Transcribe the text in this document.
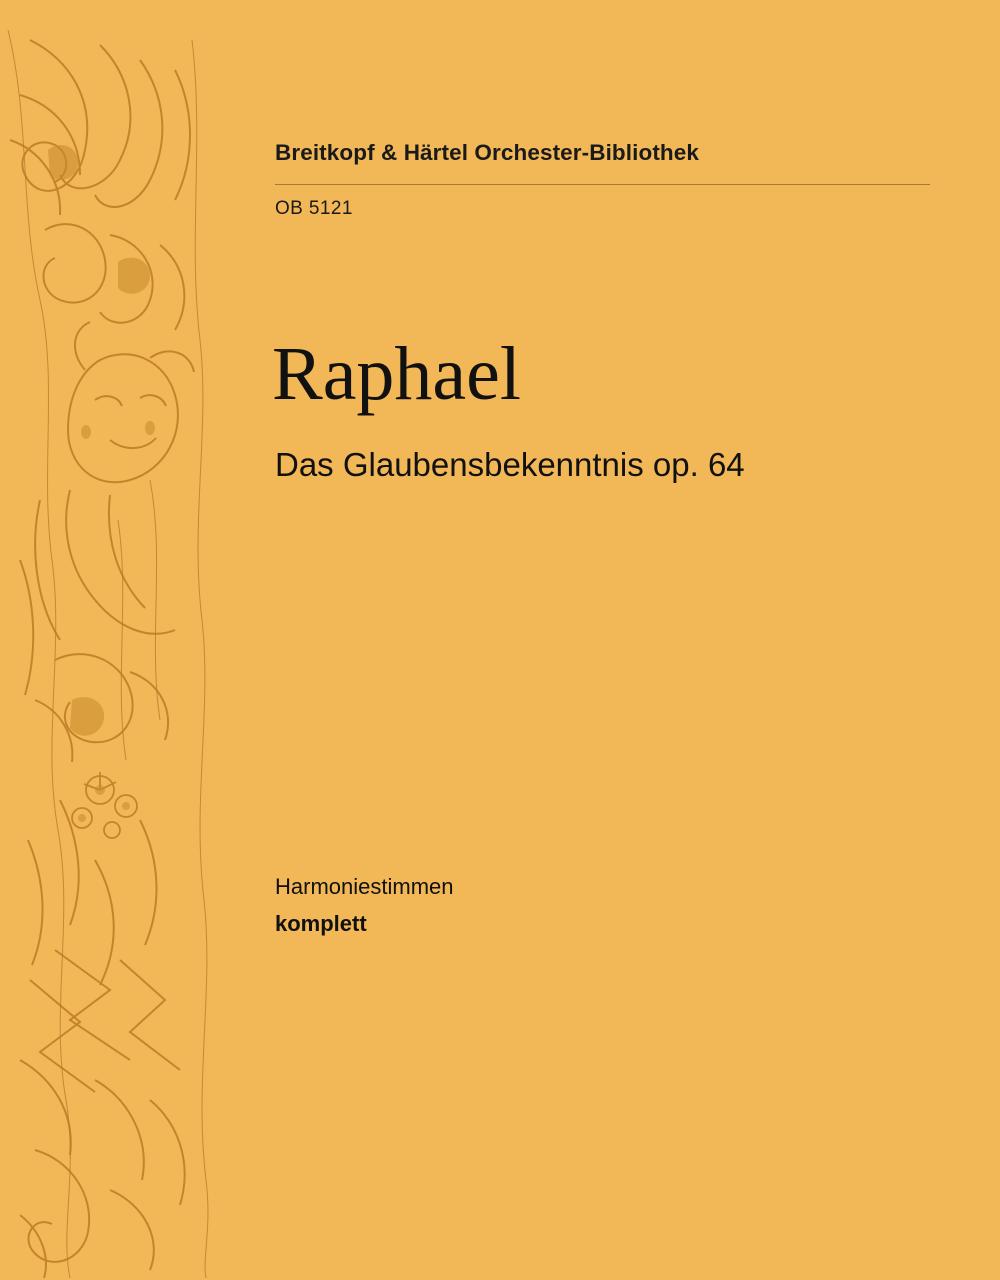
Breitkopf & Härtel Orchester-Bibliothek
OB 5121
Raphael
Das Glaubensbekenntnis op. 64
Harmoniestimmen
komplett
